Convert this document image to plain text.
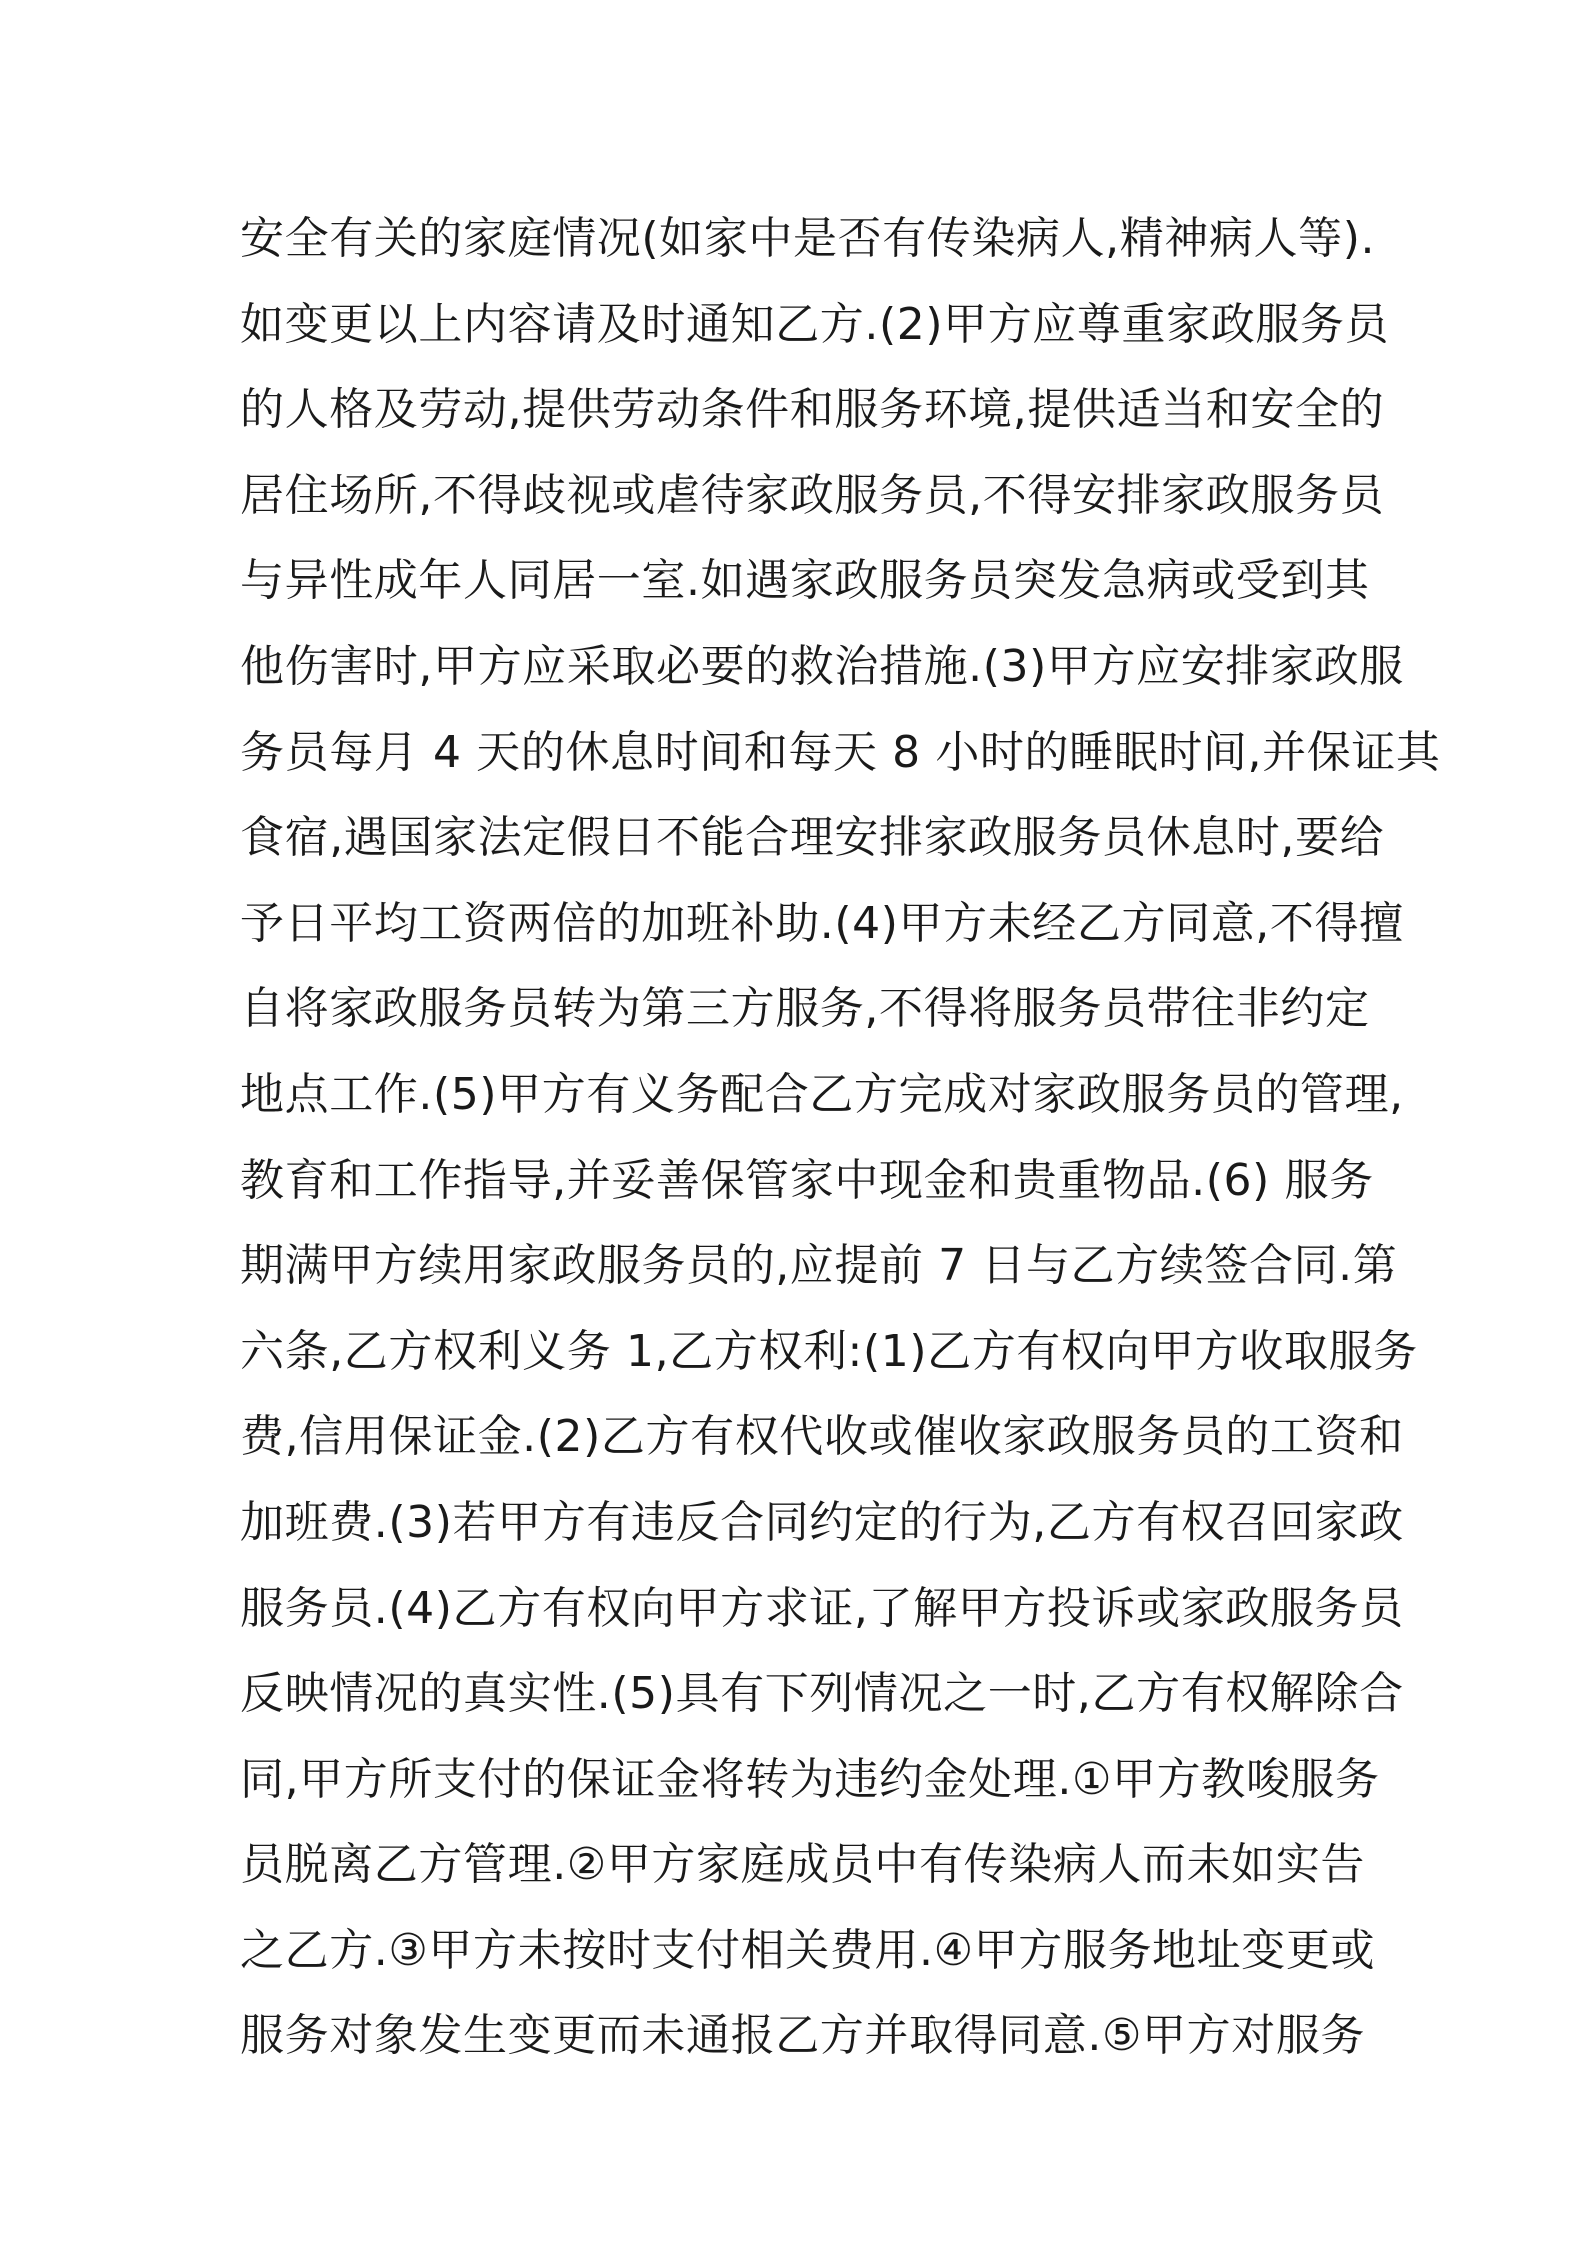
安全有关的家庭情况(如家中是否有传染病人,精神病人等).
如变更以上内容请及时通知乙方.(2)甲方应尊重家政服务员
的人格及劳动,提供劳动条件和服务环境,提供适当和安全的
居住场所,不得歧视或虐待家政服务员,不得安排家政服务员
与异性成年人同居一室.如遇家政服务员突发急病或受到其
他伤害时,甲方应采取必要的救治措施.(3)甲方应安排家政服
务员每月 4 天的休息时间和每天 8 小时的睡眠时间,并保证其
食宿,遇国家法定假日不能合理安排家政服务员休息时,要给
予日平均工资两倍的加班补助.(4)甲方未经乙方同意,不得擅
自将家政服务员转为第三方服务,不得将服务员带往非约定
地点工作.(5)甲方有义务配合乙方完成对家政服务员的管理,
教育和工作指导,并妥善保管家中现金和贵重物品.(6) 服务
期满甲方续用家政服务员的,应提前 7 日与乙方续签合同.第
六条,乙方权利义务 1,乙方权利:(1)乙方有权向甲方收取服务
费,信用保证金.(2)乙方有权代收或催收家政服务员的工资和
加班费.(3)若甲方有违反合同约定的行为,乙方有权召回家政
服务员.(4)乙方有权向甲方求证,了解甲方投诉或家政服务员
反映情况的真实性.(5)具有下列情况之一时,乙方有权解除合
同,甲方所支付的保证金将转为违约金处理.①甲方教唆服务
员脱离乙方管理.②甲方家庭成员中有传染病人而未如实告
之乙方.③甲方未按时支付相关费用.④甲方服务地址变更或
服务对象发生变更而未通报乙方并取得同意.⑤甲方对服务
